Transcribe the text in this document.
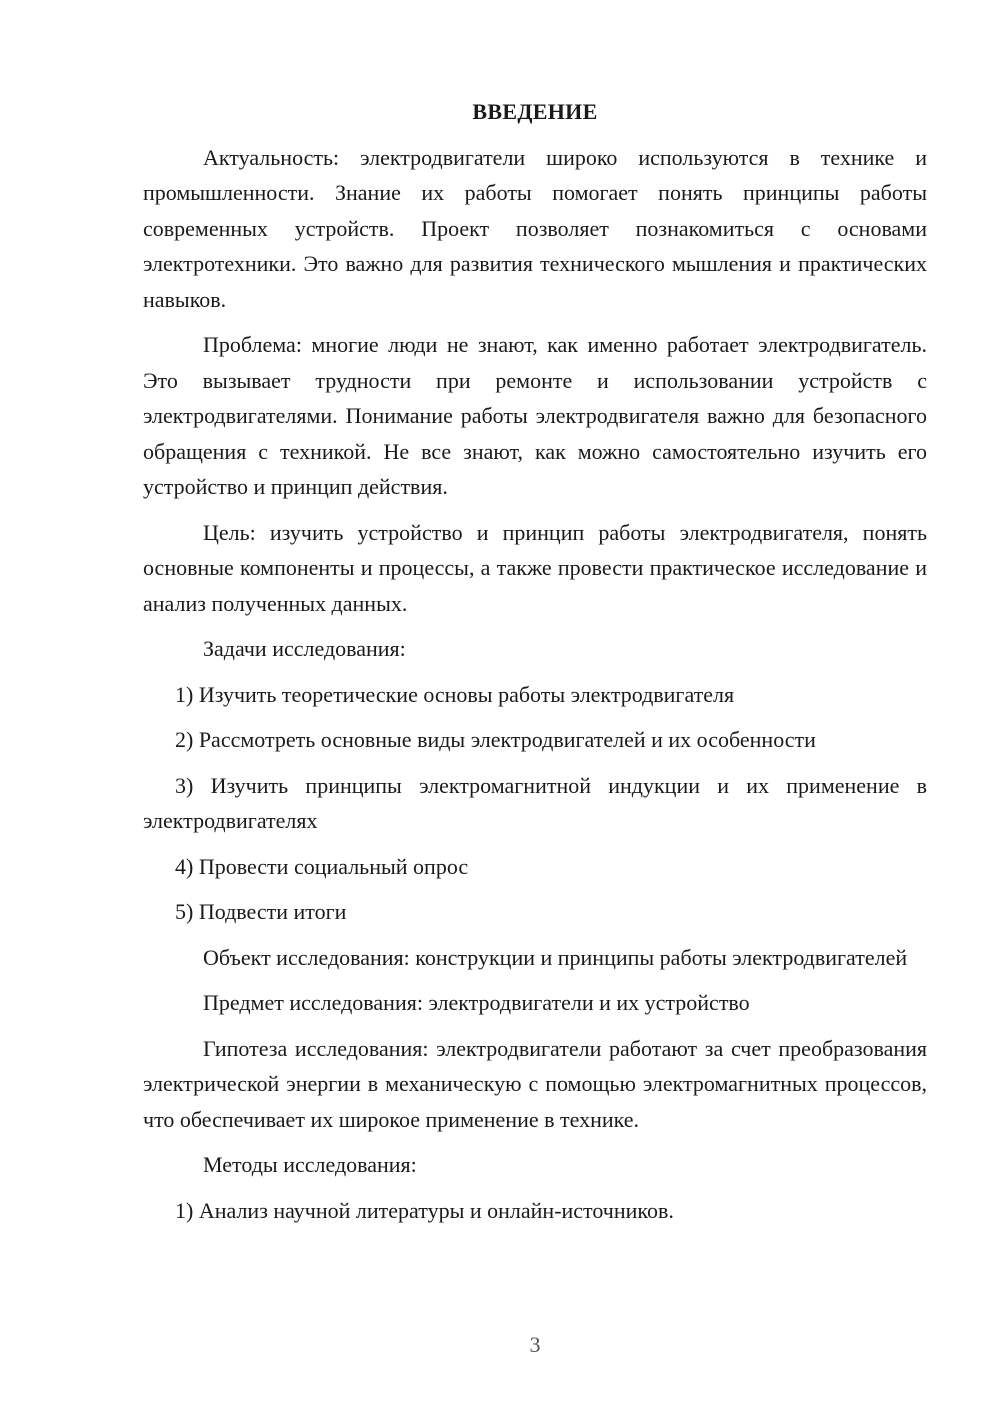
ВВЕДЕНИЕ

Актуальность: электродвигатели широко используются в технике и промышленности. Знание их работы помогает понять принципы работы современных устройств. Проект позволяет познакомиться с основами электротехники. Это важно для развития технического мышления и практических навыков.

Проблема: многие люди не знают, как именно работает электродвигатель. Это вызывает трудности при ремонте и использовании устройств с электродвигателями. Понимание работы электродвигателя важно для безопасного обращения с техникой. Не все знают, как можно самостоятельно изучить его устройство и принцип действия.

Цель: изучить устройство и принцип работы электродвигателя, понять основные компоненты и процессы, а также провести практическое исследование и анализ полученных данных.

Задачи исследования:

1) Изучить теоретические основы работы электродвигателя

2) Рассмотреть основные виды электродвигателей и их особенности

3) Изучить принципы электромагнитной индукции и их применение в электродвигателях

4) Провести социальный опрос

5) Подвести итоги

Объект исследования: конструкции и принципы работы электродвигателей

Предмет исследования: электродвигатели и их устройство

Гипотеза исследования: электродвигатели работают за счет преобразования электрической энергии в механическую с помощью электромагнитных процессов, что обеспечивает их широкое применение в технике.

Методы исследования:

1) Анализ научной литературы и онлайн-источников.

3
